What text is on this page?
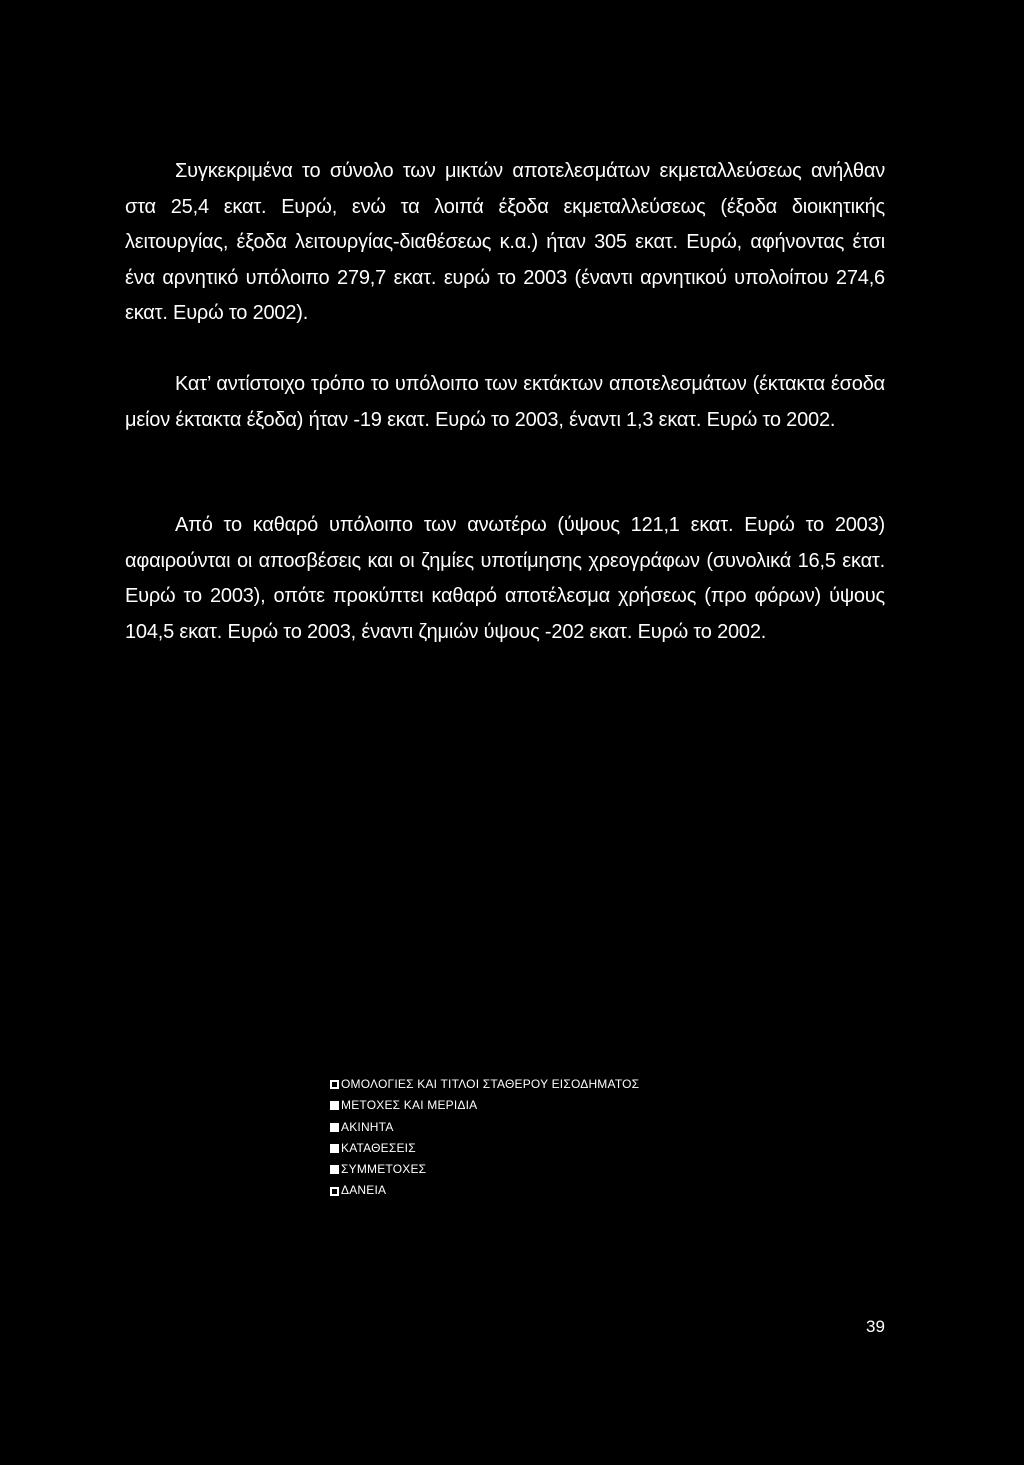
Συγκεκριμένα το σύνολο των μικτών αποτελεσμάτων εκμεταλλεύσεως ανήλθαν στα 25,4 εκατ. Ευρώ, ενώ τα λοιπά έξοδα εκμεταλλεύσεως (έξοδα διοικητικής λειτουργίας, έξοδα λειτουργίας-διαθέσεως κ.α.) ήταν 305 εκατ. Ευρώ, αφήνοντας έτσι ένα αρνητικό υπόλοιπο 279,7 εκατ. ευρώ το 2003 (έναντι αρνητικού υπολοίπου 274,6 εκατ. Ευρώ το 2002).

Κατ’ αντίστοιχο τρόπο το υπόλοιπο των εκτάκτων αποτελεσμάτων (έκτακτα έσοδα μείον έκτακτα έξοδα) ήταν -19 εκατ. Ευρώ το 2003, έναντι 1,3 εκατ. Ευρώ το 2002.

Από το καθαρό υπόλοιπο των ανωτέρω (ύψους 121,1 εκατ. Ευρώ το 2003) αφαιρούνται οι αποσβέσεις και οι ζημίες υποτίμησης χρεογράφων (συνολικά 16,5 εκατ. Ευρώ το 2003), οπότε προκύπτει καθαρό αποτέλεσμα χρήσεως (προ φόρων) ύψους 104,5 εκατ. Ευρώ το 2003, έναντι ζημιών ύψους -202 εκατ. Ευρώ το 2002.

ΟΜΟΛΟΓΙΕΣ ΚΑΙ ΤΙΤΛΟΙ ΣΤΑΘΕΡΟΥ ΕΙΣΟΔΗΜΑΤΟΣ
ΜΕΤΟΧΕΣ ΚΑΙ ΜΕΡΙΔΙΑ
ΑΚΙΝΗΤΑ
ΚΑΤΑΘΕΣΕΙΣ
ΣΥΜΜΕΤΟΧΕΣ
ΔΑΝΕΙΑ
39
